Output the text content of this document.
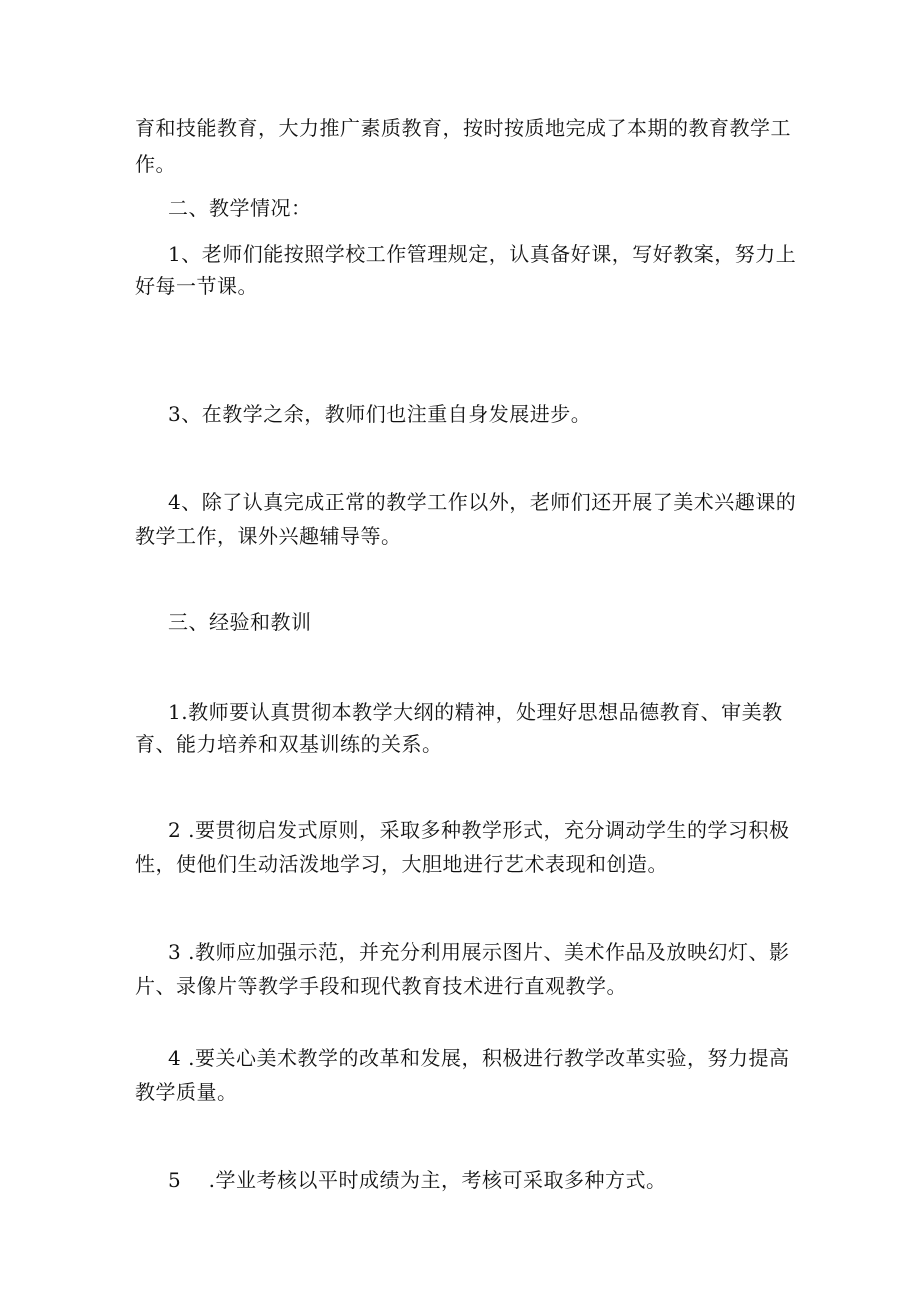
育和技能教育，大力推广素质教育，按时按质地完成了本期的教育教学工
作。
二、教学情况：
1、老师们能按照学校工作管理规定，认真备好课，写好教案，努力上
好每一节课。
3、在教学之余，教师们也注重自身发展进步。
4、除了认真完成正常的教学工作以外，老师们还开展了美术兴趣课的
教学工作，课外兴趣辅导等。
三、经验和教训
1.教师要认真贯彻本教学大纲的精神，处理好思想品德教育、审美教
育、能力培养和双基训练的关系。
2 .要贯彻启发式原则，采取多种教学形式，充分调动学生的学习积极
性，使他们生动活泼地学习，大胆地进行艺术表现和创造。
3 .教师应加强示范，并充分利用展示图片、美术作品及放映幻灯、影
片、录像片等教学手段和现代教育技术进行直观教学。
4 .要关心美术教学的改革和发展，积极进行教学改革实验，努力提高
教学质量。
5　 .学业考核以平时成绩为主，考核可采取多种方式。
